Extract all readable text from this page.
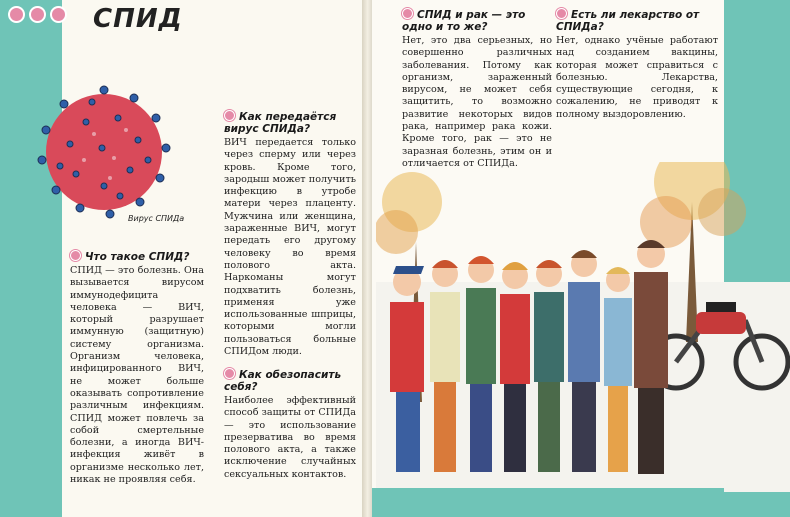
СПИД
Вирус СПИДа

Что такое СПИД?

СПИД — это болезнь. Она вызывается вирусом иммунодефицита человека — ВИЧ, который разрушает иммунную (защитную) систему организма. Организм человека, инфицированного ВИЧ, не может больше оказывать сопротивление различным инфекциям. СПИД может повлечь за собой смертельные болезни, а иногда ВИЧ-инфекция живёт в организме несколько лет, никак не проявляя себя.

Как передаётся вирус СПИДа?

ВИЧ передается только через сперму или через кровь. Кроме того, зародыш может получить инфекцию в утробе матери через плаценту. Мужчина или женщина, зараженные ВИЧ, могут передать его другому человеку во время полового акта. Наркоманы могут подхватить болезнь, применяя уже использованные шприцы, которыми могли пользоваться больные СПИДом люди.

Как обезопасить себя?

Наиболее эффективный способ защиты от СПИДа — это использование презерватива во время полового акта, а также исключение случайных сексуальных контактов.

СПИД и рак — это одно и то же?

Нет, это два серьезных, но совершенно различных заболевания. Потому как организм, зараженный вирусом, не может себя защитить, то возможно развитие некоторых видов рака, например рака кожи. Кроме того, рак — это не заразная болезнь, этим он и отличается от СПИДа.

Есть ли лекарство от СПИДа?

Нет, однако учёные работают над созданием вакцины, которая может справиться с болезнью. Лекарства, существующие сегодня, к сожалению, не приводят к полному выздоровлению.
